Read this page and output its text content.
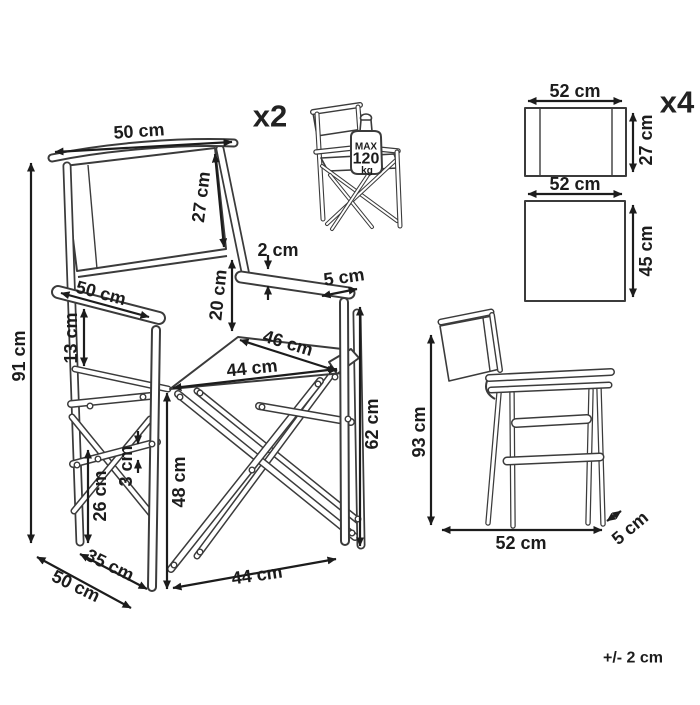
MAX
120
kg
50 cm
27 cm
91 cm
50 cm
13 cm
2 cm
5 cm
20 cm
46 cm
44 cm
62 cm
26 cm
3 cm 48 cm
44 cm
35 cm
50 cm
x2
52 cm
27 cm
52 cm
45 cm
x4
93 cm
52 cm	5 cm
+/- 2 cm
